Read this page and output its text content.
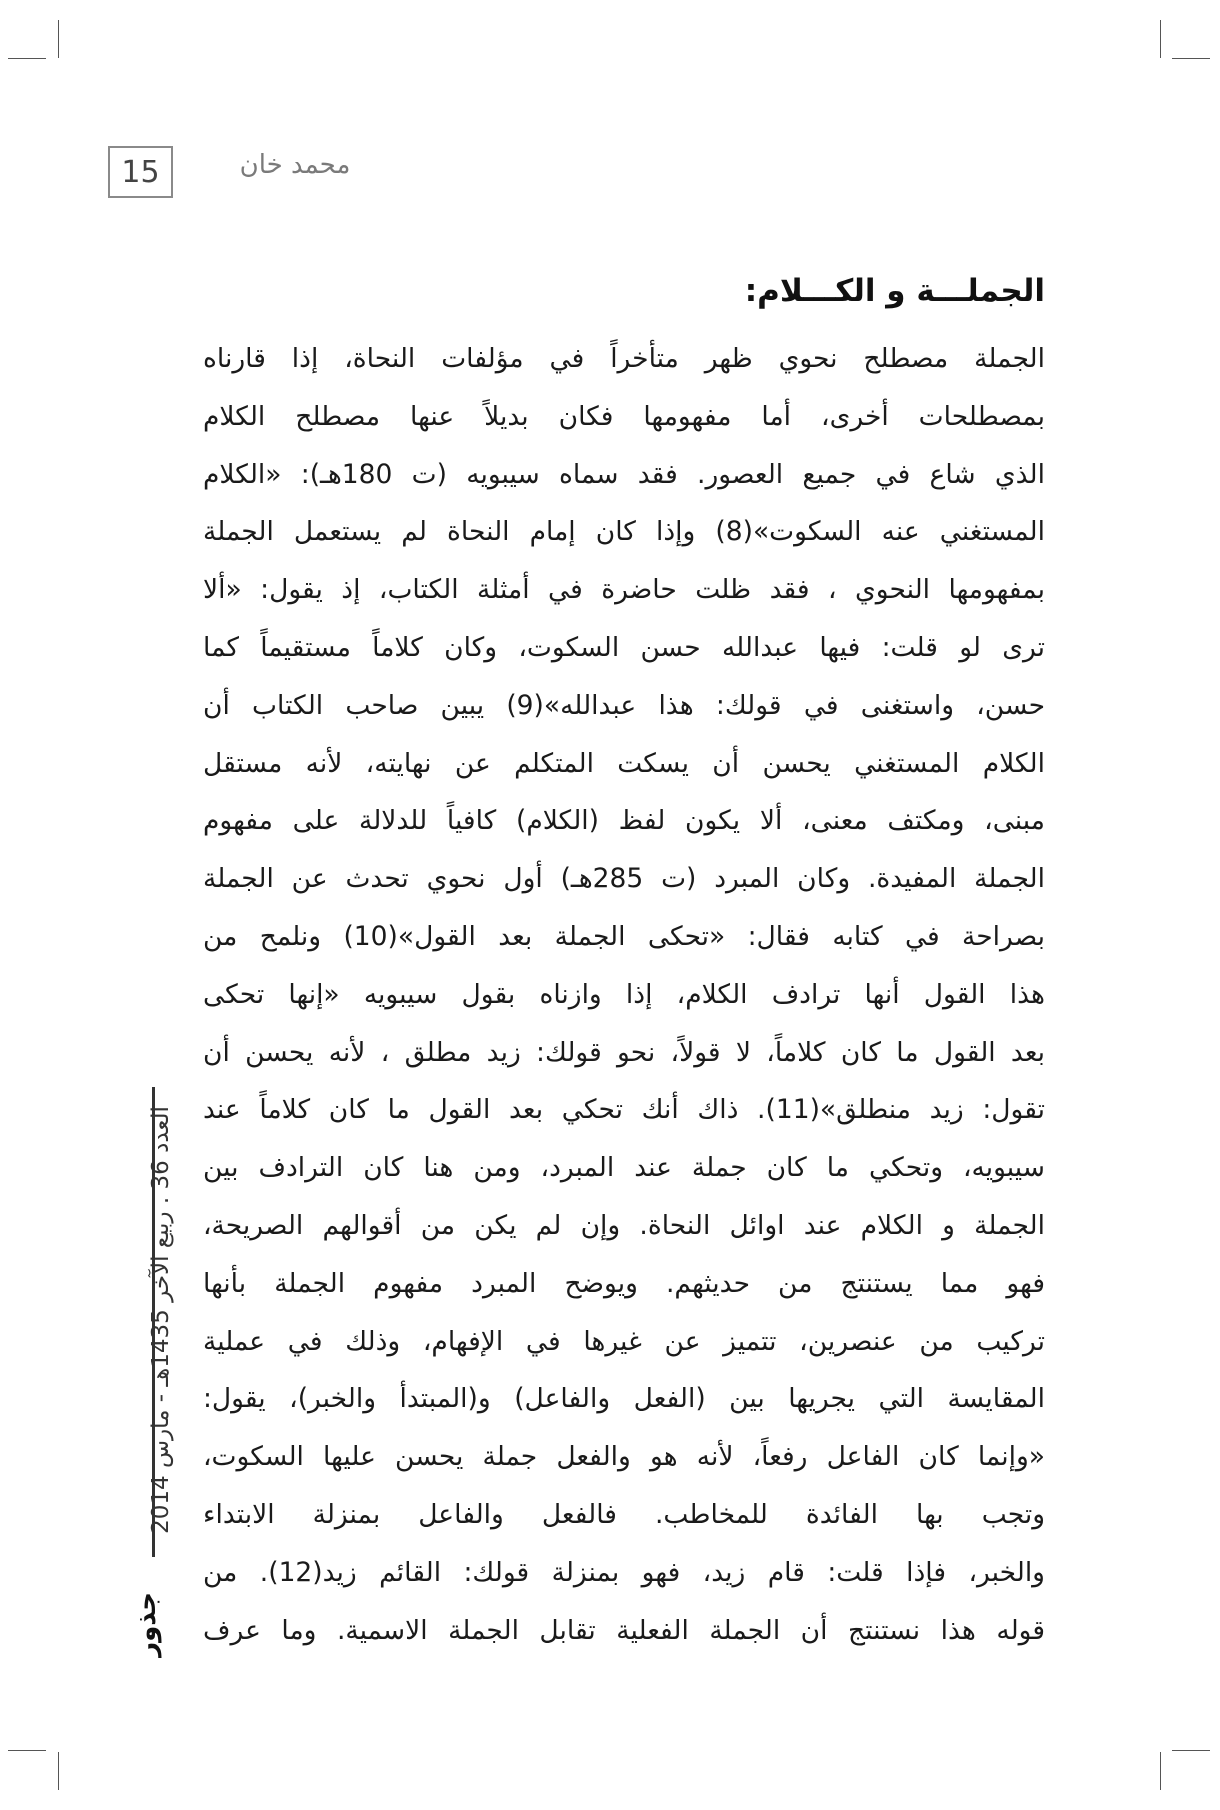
15	محمد خان
الجملـــة و الكـــلام:
الجملة مصطلح نحوي ظهر متأخراً في مؤلفات النحاة، إذا قارناه
بمصطلحات أخرى، أما مفهومها فكان بديلاً عنها مصطلح الكلام
الذي شاع في جميع العصور. فقد سماه سيبويه (ت 180هـ): «الكلام
المستغني عنه السكوت»(8) وإذا كان إمام النحاة لم يستعمل الجملة
بمفهومها النحوي ، فقد ظلت حاضرة في أمثلة الكتاب، إذ يقول: «ألا
ترى لو قلت: فيها عبدالله حسن السكوت، وكان كلاماً مستقيماً كما
حسن، واستغنى في قولك: هذا عبدالله»(9) يبين صاحب الكتاب أن
الكلام المستغني يحسن أن يسكت المتكلم عن نهايته، لأنه مستقل
مبنى، ومكتف معنى، ألا يكون لفظ (الكلام) كافياً للدلالة على مفهوم
الجملة المفيدة. وكان المبرد (ت 285هـ) أول نحوي تحدث عن الجملة
بصراحة في كتابه فقال: «تحكى الجملة بعد القول»(10) ونلمح من
هذا القول أنها ترادف الكلام، إذا وازناه بقول سيبويه «إنها تحكى
بعد القول ما كان كلاماً، لا قولاً، نحو قولك: زيد مطلق ، لأنه يحسن أن
تقول: زيد منطلق»(11). ذاك أنك تحكي بعد القول ما كان كلاماً عند
سيبويه، وتحكي ما كان جملة عند المبرد، ومن هنا كان الترادف بين
الجملة و الكلام عند اوائل النحاة. وإن لم يكن من أقوالهم الصريحة،
فهو مما يستنتج من حديثهم. ويوضح المبرد مفهوم الجملة بأنها
تركيب من عنصرين، تتميز عن غيرها في الإفهام، وذلك في عملية
المقايسة التي يجريها بين (الفعل والفاعل) و(المبتدأ والخبر)، يقول:
«وإنما كان الفاعل رفعاً، لأنه هو والفعل جملة يحسن عليها السكوت،
وتجب بها الفائدة للمخاطب. فالفعل والفاعل بمنزلة الابتداء
والخبر، فإذا قلت: قام زيد، فهو بمنزلة قولك: القائم زيد(12). من
قوله هذا نستنتج أن الجملة الفعلية تقابل الجملة الاسمية. وما عرف
العدد 36 . ربيع الآخر 1435هـ - مارس 2014
جذور
